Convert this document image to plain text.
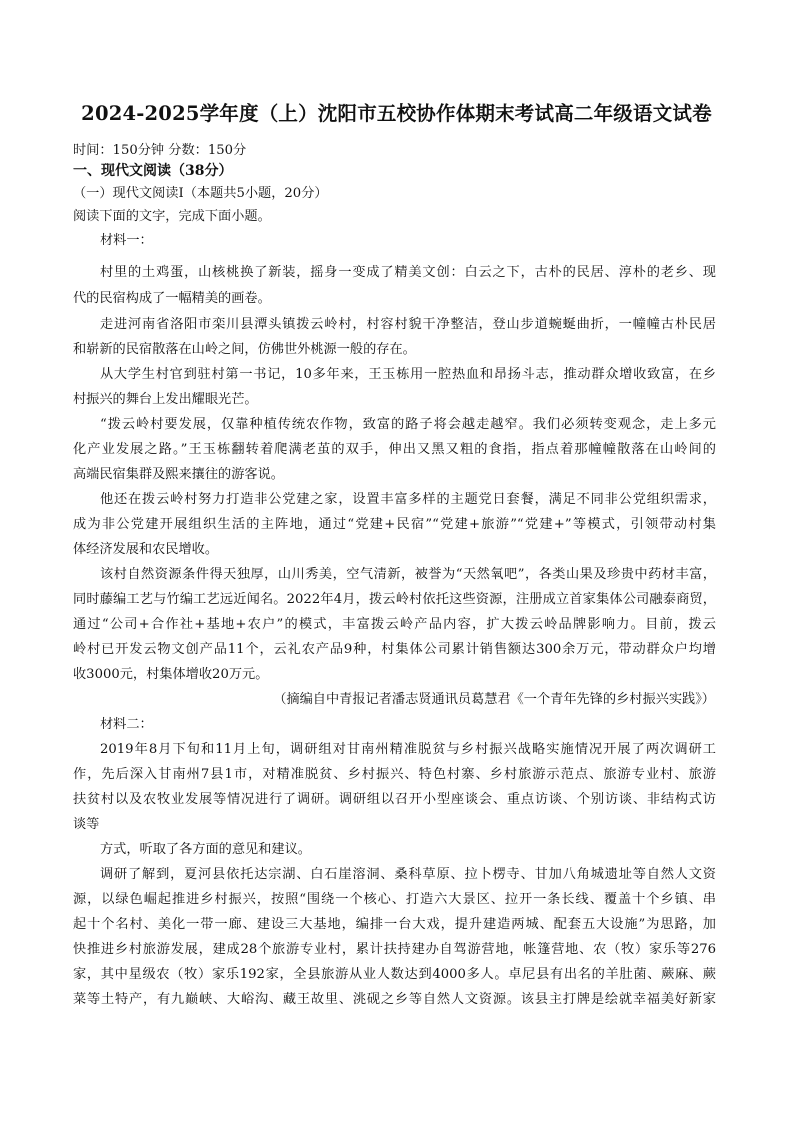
2024-2025学年度（上）沈阳市五校协作体期末考试高二年级语文试卷
时间：150分钟 分数：150分
一、现代文阅读（38分）
（一）现代文阅读Ⅰ（本题共5小题，20分）
阅读下面的文字，完成下面小题。
材料一：
村里的土鸡蛋，山核桃换了新装，摇身一变成了精美文创：白云之下，古朴的民居、淳朴的老乡、现
代的民宿构成了一幅精美的画卷。
走进河南省洛阳市栾川县潭头镇拨云岭村，村容村貌干净整洁，登山步道蜿蜒曲折，一幢幢古朴民居
和崭新的民宿散落在山岭之间，仿佛世外桃源一般的存在。
从大学生村官到驻村第一书记，10多年来，王玉栋用一腔热血和昂扬斗志，推动群众增收致富，在乡
村振兴的舞台上发出耀眼光芒。
“拨云岭村要发展，仅靠种植传统农作物，致富的路子将会越走越窄。我们必须转变观念，走上多元
化产业发展之路。”王玉栋翻转着爬满老茧的双手，伸出又黑又粗的食指，指点着那幢幢散落在山岭间的
高端民宿集群及熙来攘往的游客说。
他还在拨云岭村努力打造非公党建之家，设置丰富多样的主题党日套餐，满足不同非公党组织需求，
成为非公党建开展组织生活的主阵地，通过“党建+民宿”“党建+旅游”“党建+”等模式，引领带动村集
体经济发展和农民增收。
该村自然资源条件得天独厚，山川秀美，空气清新，被誉为“天然氧吧”，各类山果及珍贵中药材丰富，
同时藤编工艺与竹编工艺远近闻名。2022年4月，拨云岭村依托这些资源，注册成立首家集体公司融泰商贸，
通过“公司+合作社+基地+农户”的模式，丰富拨云岭产品内容，扩大拨云岭品牌影响力。目前，拨云
岭村已开发云物文创产品11个，云礼农产品9种，村集体公司累计销售额达300余万元，带动群众户均增
收3000元，村集体增收20万元。
（摘编自中青报记者潘志贤通讯员葛慧君《一个青年先锋的乡村振兴实践》）
材料二：
2019年8月下旬和11月上旬，调研组对甘南州精准脱贫与乡村振兴战略实施情况开展了两次调研工
作，先后深入甘南州7县1市，对精准脱贫、乡村振兴、特色村寨、乡村旅游示范点、旅游专业村、旅游
扶贫村以及农牧业发展等情况进行了调研。调研组以召开小型座谈会、重点访谈、个别访谈、非结构式访
谈等
方式，听取了各方面的意见和建议。
调研了解到，夏河县依托达宗湖、白石崖溶洞、桑科草原、拉卜楞寺、甘加八角城遗址等自然人文资
源，以绿色崛起推进乡村振兴，按照“围绕一个核心、打造六大景区、拉开一条长线、覆盖十个乡镇、串
起十个名村、美化一带一廊、建设三大基地，编排一台大戏，提升建造两城、配套五大设施”为思路，加
快推进乡村旅游发展，建成28个旅游专业村，累计扶持建办自驾游营地，帐篷营地、农（牧）家乐等276
家，其中星级农（牧）家乐192家，全县旅游从业人数达到4000多人。卓尼县有出名的羊肚菌、蕨麻、蕨
菜等土特产，有九巅峡、大峪沟、藏王故里、洮砚之乡等自然人文资源。该县主打牌是绘就幸福美好新家
